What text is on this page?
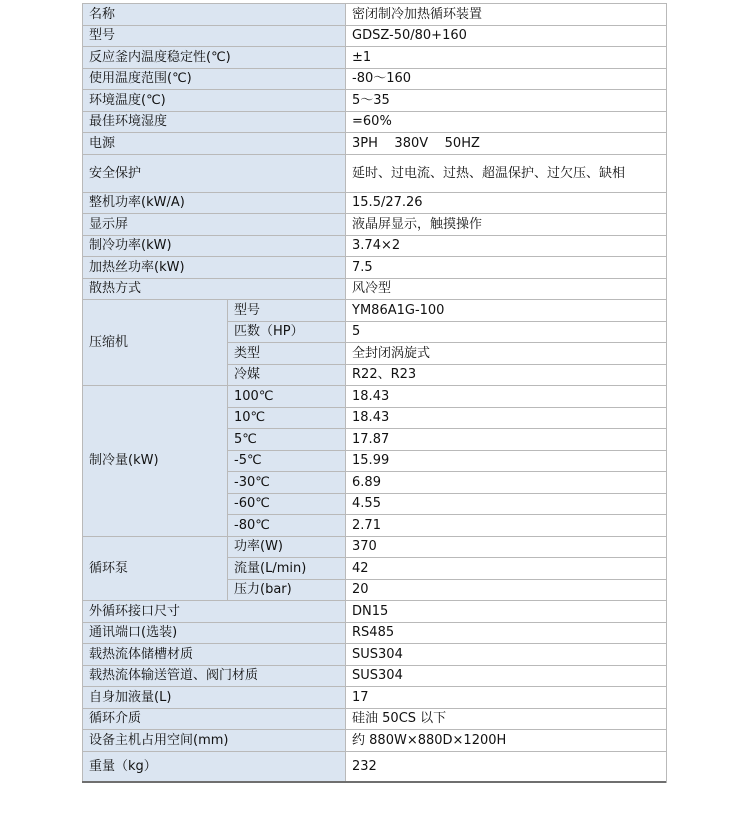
名称		密闭制冷加热循环装置
型号		GDSZ-50/80+160
反应釜内温度稳定性(℃)		±1
使用温度范围(℃)		-80～160
环境温度(℃)		5～35
最佳环境湿度		=60%
电源		3PH    380V    50HZ
安全保护		延时、过电流、过热、超温保护、过欠压、缺相
整机功率(kW/A)		15.5/27.26
显示屏		液晶屏显示，触摸操作
制冷功率(kW)		3.74×2
加热丝功率(kW)		7.5
散热方式		风冷型
压缩机	型号	YM86A1G-100
	匹数（HP）	5
	类型	全封闭涡旋式
	冷媒	R22、R23
制冷量(kW)	100℃	18.43
	10℃	18.43
	5℃	17.87
	-5℃	15.99
	-30℃	6.89
	-60℃	4.55
	-80℃	2.71
循环泵	功率(W)	370
	流量(L/min)	42
	压力(bar)	20
外循环接口尺寸		DN15
通讯端口(选装)		RS485
载热流体储槽材质		SUS304
载热流体输送管道、阀门材质		SUS304
自身加液量(L)		17
循环介质		硅油 50CS 以下
设备主机占用空间(mm)		约 880W×880D×1200H
重量（kg）		232
